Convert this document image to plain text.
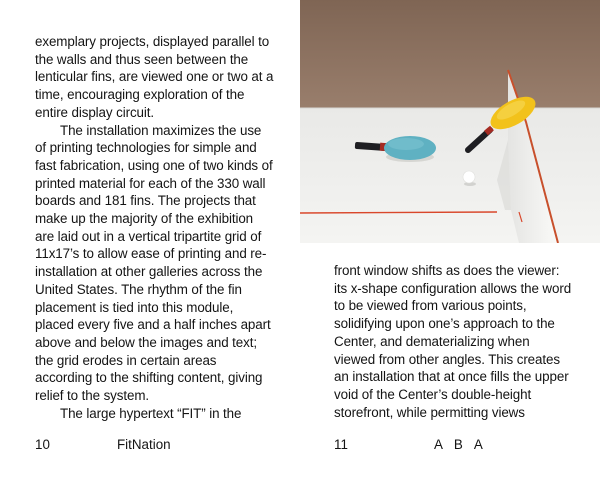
exemplary projects, displayed parallel to the walls and thus seen between the lenticular fins, are viewed one or two at a time, encouraging exploration of the entire display circuit.

The installation maximizes the use of printing technologies for simple and fast fabrication, using one of two kinds of printed material for each of the 330 wall boards and 181 fins. The projects that make up the majority of the exhibition are laid out in a vertical tripartite grid of 11x17’s to allow ease of printing and re-installation at other galleries across the United States. The rhythm of the fin placement is tied into this module, placed every five and a half inches apart above and below the images and text; the grid erodes in certain areas according to the shifting content, giving relief to the system.

The large hypertext “FIT” in the

10	FitNation

front window shifts as does the viewer: its x-shape configuration allows the word to be viewed from various points, solidifying upon one’s approach to the Center, and dematerializing when viewed from other angles. This creates an installation that at once fills the upper void of the Center’s double-height storefront, while permitting views

11	A B A
